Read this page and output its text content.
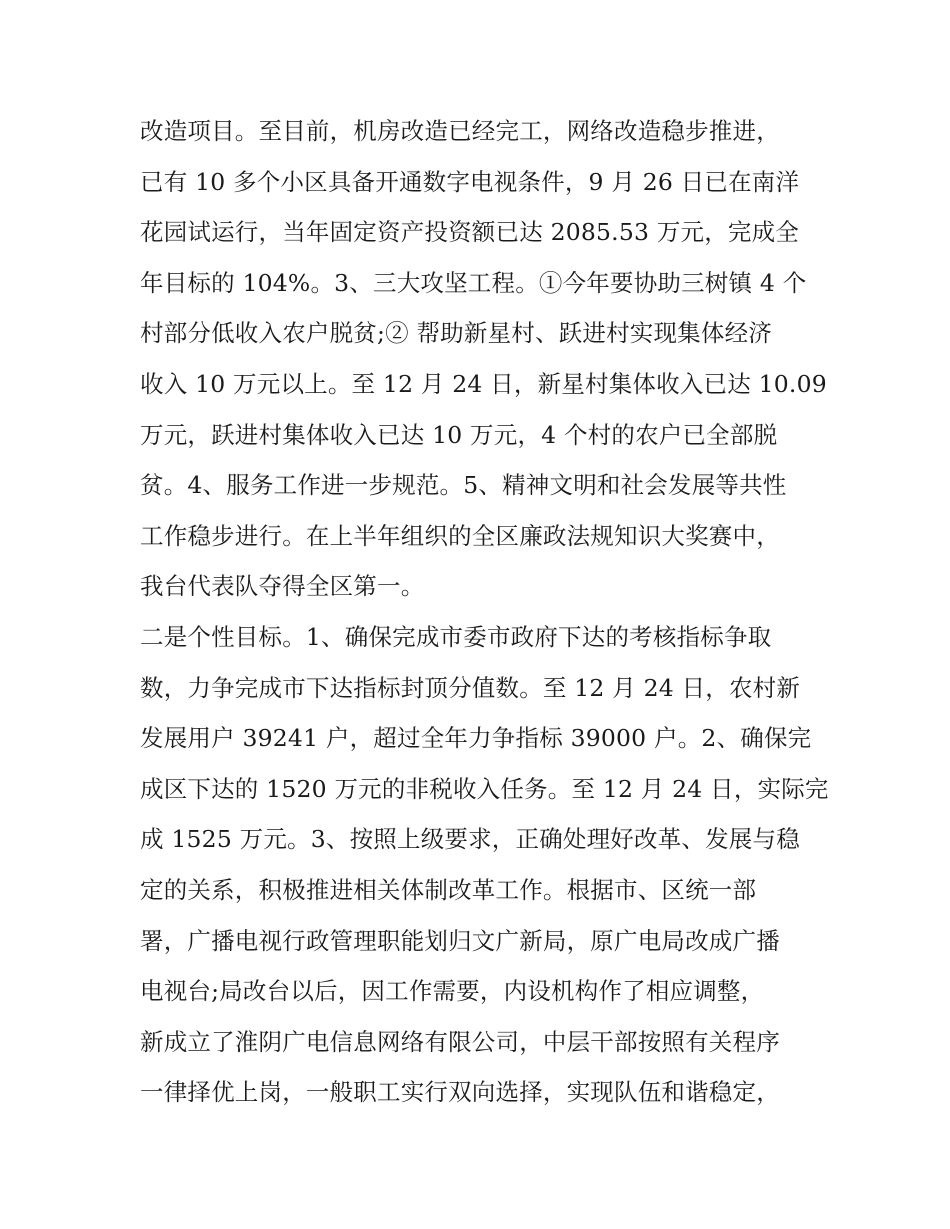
改造项目。至目前，机房改造已经完工，网络改造稳步推进，
已有 10 多个小区具备开通数字电视条件，9 月 26 日已在南洋
花园试运行，当年固定资产投资额已达 2085.53 万元，完成全
年目标的 104%。3、三大攻坚工程。①今年要协助三树镇 4 个
村部分低收入农户脱贫;② 帮助新星村、跃进村实现集体经济
收入 10 万元以上。至 12 月 24 日，新星村集体收入已达 10.09
万元，跃进村集体收入已达 10 万元，4 个村的农户已全部脱
贫。4、服务工作进一步规范。5、精神文明和社会发展等共性
工作稳步进行。在上半年组织的全区廉政法规知识大奖赛中，
我台代表队夺得全区第一。
二是个性目标。1、确保完成市委市政府下达的考核指标争取
数，力争完成市下达指标封顶分值数。至 12 月 24 日，农村新
发展用户 39241 户，超过全年力争指标 39000 户。2、确保完
成区下达的 1520 万元的非税收入任务。至 12 月 24 日，实际完
成 1525 万元。3、按照上级要求，正确处理好改革、发展与稳
定的关系，积极推进相关体制改革工作。根据市、区统一部
署，广播电视行政管理职能划归文广新局，原广电局改成广播
电视台;局改台以后，因工作需要，内设机构作了相应调整，
新成立了淮阴广电信息网络有限公司，中层干部按照有关程序
一律择优上岗，一般职工实行双向选择，实现队伍和谐稳定，
